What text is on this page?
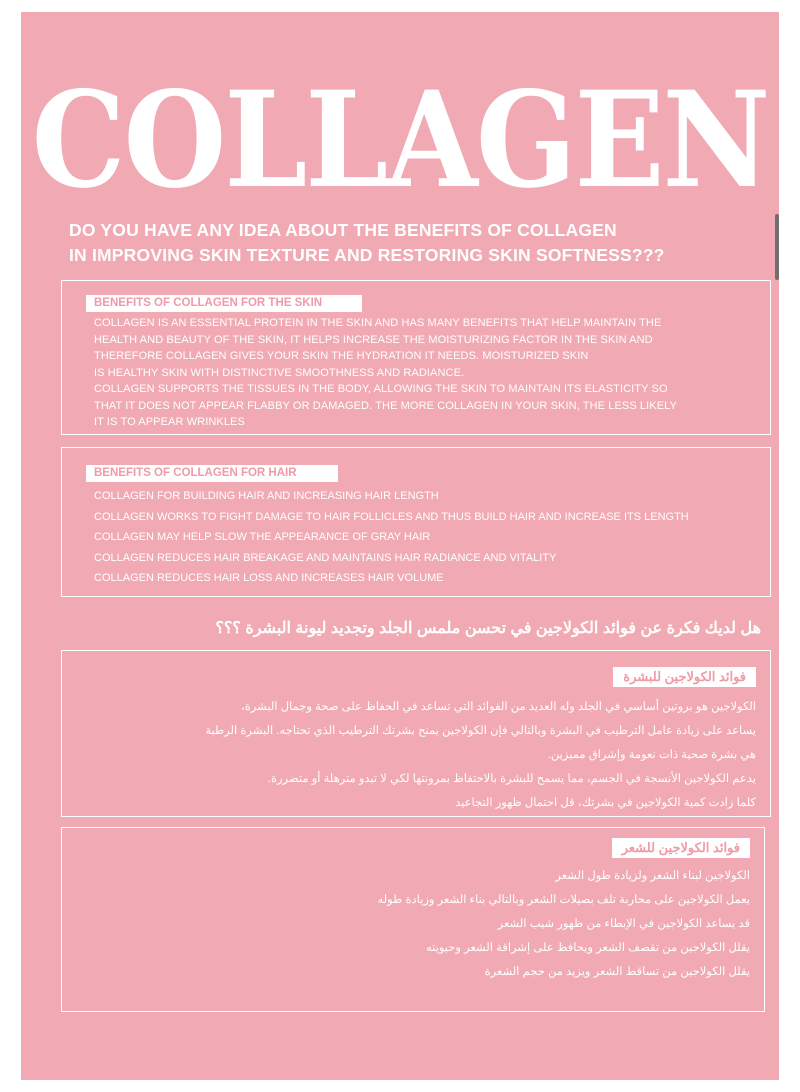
COLLAGEN
DO YOU HAVE ANY IDEA ABOUT THE BENEFITS OF COLLAGEN
IN IMPROVING SKIN TEXTURE AND RESTORING SKIN SOFTNESS???
BENEFITS OF COLLAGEN FOR THE SKIN
COLLAGEN IS AN ESSENTIAL PROTEIN IN THE SKIN AND HAS MANY BENEFITS THAT HELP MAINTAIN THE
HEALTH AND BEAUTY OF THE SKIN, IT HELPS INCREASE THE MOISTURIZING FACTOR IN THE SKIN AND
THEREFORE COLLAGEN GIVES YOUR SKIN THE HYDRATION IT NEEDS. MOISTURIZED SKIN
IS HEALTHY SKIN WITH DISTINCTIVE SMOOTHNESS AND RADIANCE.
COLLAGEN SUPPORTS THE TISSUES IN THE BODY, ALLOWING THE SKIN TO MAINTAIN ITS ELASTICITY SO
THAT IT DOES NOT APPEAR FLABBY OR DAMAGED. THE MORE COLLAGEN IN YOUR SKIN, THE LESS LIKELY
IT IS TO APPEAR WRINKLES
BENEFITS OF COLLAGEN FOR HAIR
COLLAGEN FOR BUILDING HAIR AND INCREASING HAIR LENGTH
COLLAGEN WORKS TO FIGHT DAMAGE TO HAIR FOLLICLES AND THUS BUILD HAIR AND INCREASE ITS LENGTH
COLLAGEN MAY HELP SLOW THE APPEARANCE OF GRAY HAIR
COLLAGEN REDUCES HAIR BREAKAGE AND MAINTAINS HAIR RADIANCE AND VITALITY
COLLAGEN REDUCES HAIR LOSS AND INCREASES HAIR VOLUME
هل لديك فكرة عن فوائد الكولاجين في تحسن ملمس الجلد وتجديد ليونة البشرة ؟؟؟
فوائد الكولاجين للبشرة
الكولاجين هو بروتين أساسي في الجلد وله العديد من الفوائد التي تساعد في الحفاظ على صحة وجمال البشرة،
يساعد على زيادة عامل الترطيب في البشرة وبالتالي فإن الكولاجين يمنح بشرتك الترطيب الذي تحتاجه. البشرة الرطبة
هي بشرة صحية ذات نعومة وإشراق مميزين.
يدعم الكولاجين الأنسجة في الجسم، مما يسمح للبشرة بالاحتفاظ بمرونتها لكي لا تبدو مترهلة أو متضررة.
كلما زادت كمية الكولاجين في بشرتك، قل احتمال ظهور التجاعيد
فوائد الكولاجين للشعر
الكولاجين لبناء الشعر ولزيادة طول الشعر
يعمل الكولاجين على محاربة تلف بصيلات الشعر وبالتالي بناء الشعر وزيادة طوله
قد يساعد الكولاجين في الإبطاء من ظهور شيب الشعر
يقلل الكولاجين من تقصف الشعر ويحافظ على إشراقة الشعر وحيويته
يقلل الكولاجين من تساقط الشعر ويزيد من حجم الشعرة
